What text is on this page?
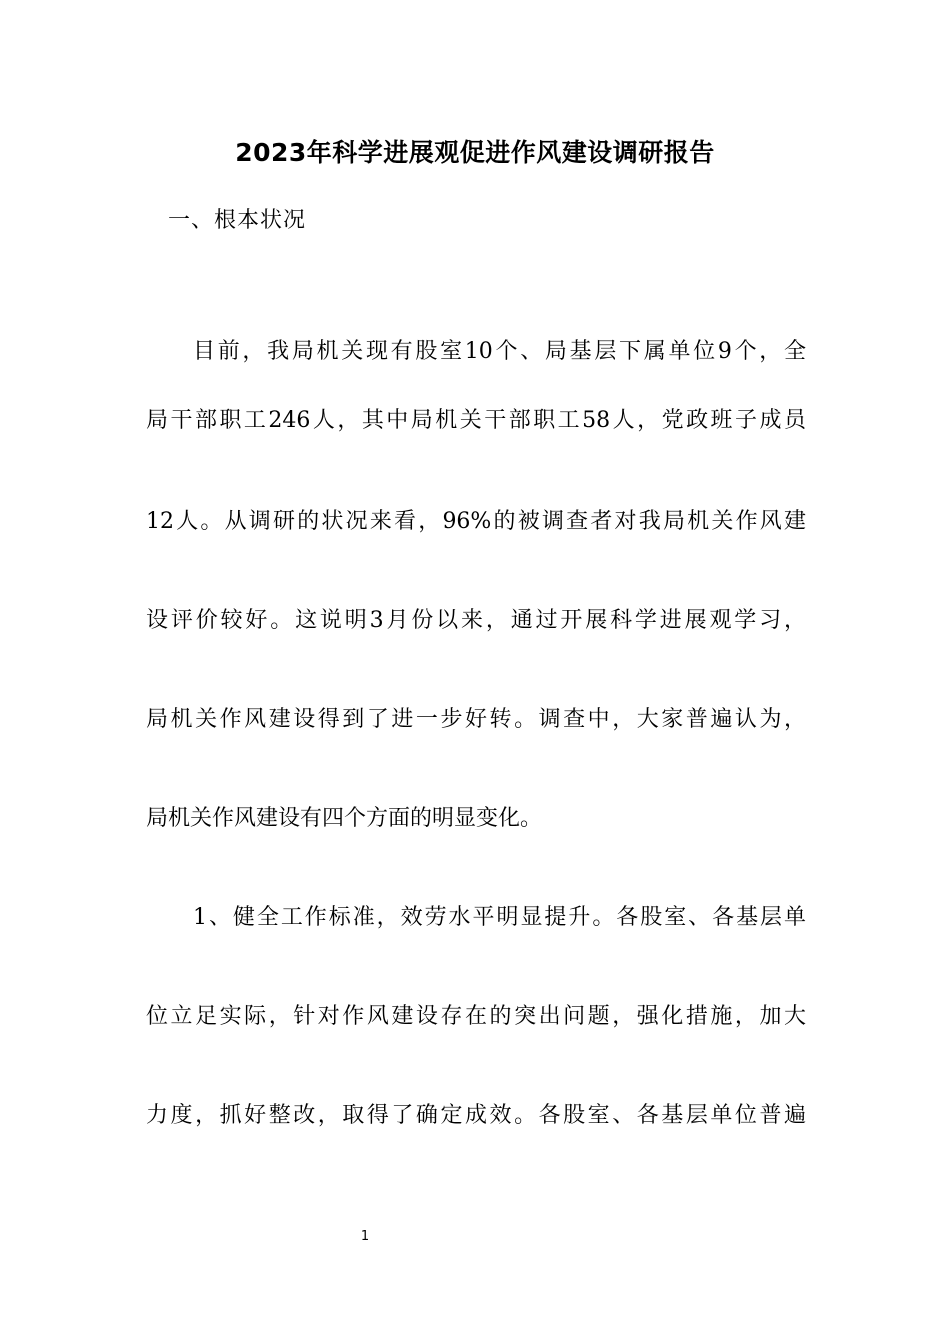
2023年科学进展观促进作风建设调研报告
一、根本状况
目前，我局机关现有股室10个、局基层下属单位9个，全
局干部职工246人，其中局机关干部职工58人，党政班子成员
12人。从调研的状况来看，96%的被调查者对我局机关作风建
设评价较好。这说明3月份以来，通过开展科学进展观学习，
局机关作风建设得到了进一步好转。调查中，大家普遍认为，
局机关作风建设有四个方面的明显变化。
1、健全工作标准，效劳水平明显提升。各股室、各基层单
位立足实际，针对作风建设存在的突出问题，强化措施，加大
力度，抓好整改，取得了确定成效。各股室、各基层单位普遍
1
